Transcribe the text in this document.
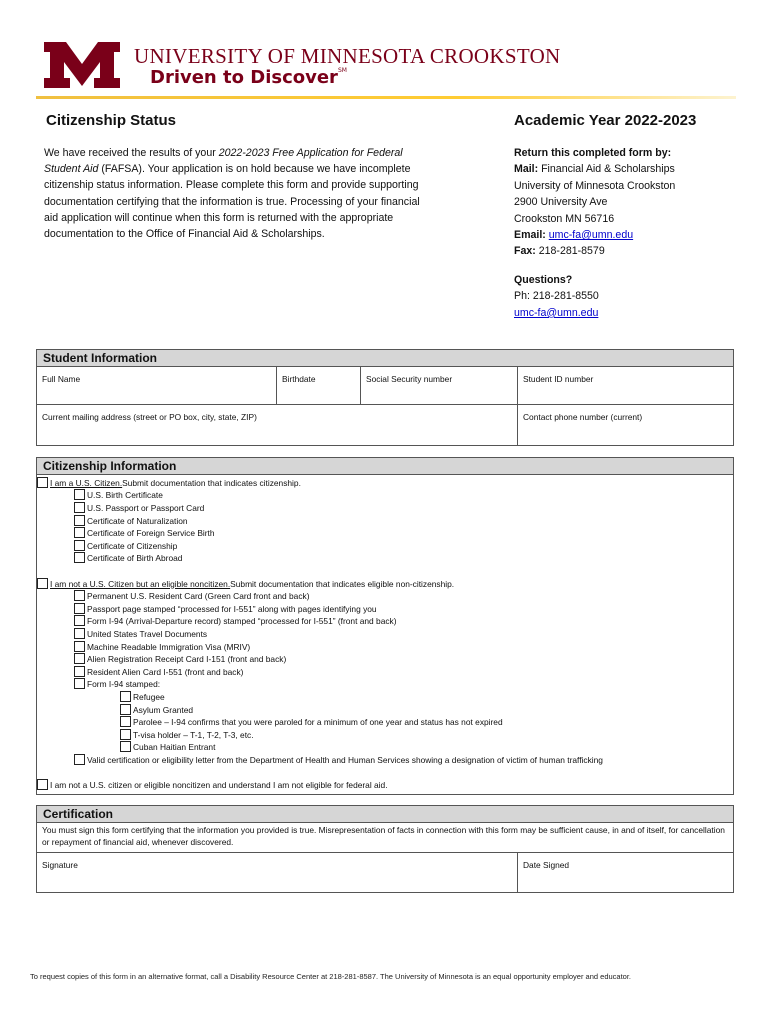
UNIVERSITY OF MINNESOTA CROOKSTON
Driven to Discover℠
Citizenship Status	Academic Year 2022-2023
We have received the results of your 2022-2023 Free Application for Federal Student Aid (FAFSA). Your application is on hold because we have incomplete citizenship status information. Please complete this form and provide supporting documentation certifying that the information is true. Processing of your financial aid application will continue when this form is returned with the appropriate documentation to the Office of Financial Aid & Scholarships.
Return this completed form by:
Mail: Financial Aid & Scholarships
University of Minnesota Crookston
2900 University Ave
Crookston MN 56716
Email: umc-fa@umn.edu
Fax: 218-281-8579
Questions?
Ph: 218-281-8550
umc-fa@umn.edu
Student Information
Full Name	Birthdate	Social Security number	Student ID number
Current mailing address (street or PO box, city, state, ZIP)	Contact phone number (current)
Citizenship Information
I am a U.S. Citizen. Submit documentation that indicates citizenship.
U.S. Birth Certificate
U.S. Passport or Passport Card
Certificate of Naturalization
Certificate of Foreign Service Birth
Certificate of Citizenship
Certificate of Birth Abroad
I am not a U.S. Citizen but an eligible noncitizen. Submit documentation that indicates eligible non-citizenship.
Permanent U.S. Resident Card (Green Card front and back)
Passport page stamped “processed for I-551” along with pages identifying you
Form I-94 (Arrival-Departure record) stamped “processed for I-551” (front and back)
United States Travel Documents
Machine Readable Immigration Visa (MRIV)
Alien Registration Receipt Card I-151 (front and back)
Resident Alien Card I-551 (front and back)
Form I-94 stamped:
Refugee
Asylum Granted
Parolee – I-94 confirms that you were paroled for a minimum of one year and status has not expired
T-visa holder – T-1, T-2, T-3, etc.
Cuban Haitian Entrant
Valid certification or eligibility letter from the Department of Health and Human Services showing a designation of victim of human trafficking
I am not a U.S. citizen or eligible noncitizen and understand I am not eligible for federal aid.
Certification
You must sign this form certifying that the information you provided is true. Misrepresentation of facts in connection with this form may be sufficient cause, in and of itself, for cancellation or repayment of financial aid, whenever discovered.
Signature	Date Signed
To request copies of this form in an alternative format, call a Disability Resource Center at 218-281-8587. The University of Minnesota is an equal opportunity employer and educator.
